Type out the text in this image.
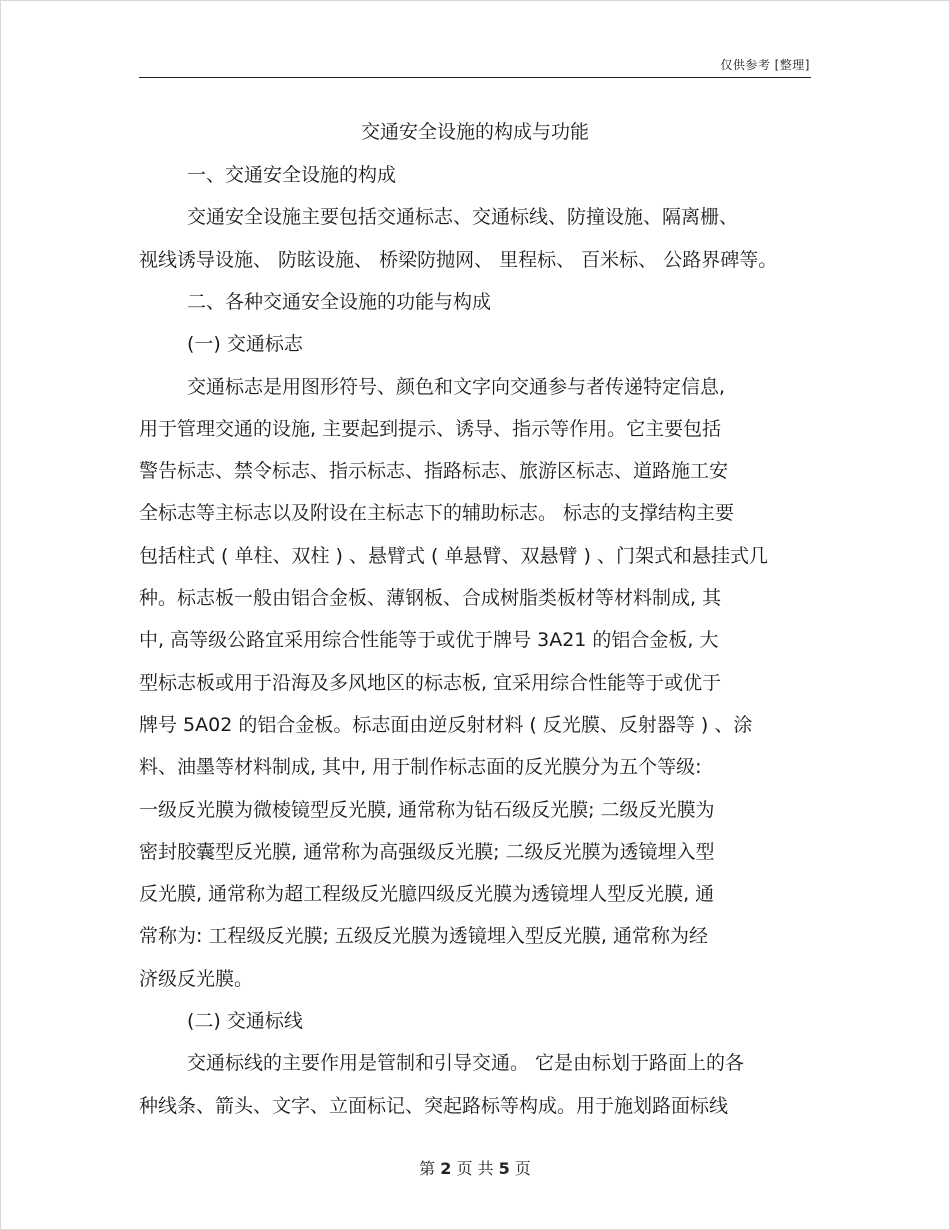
仅供参考 [整理]
交通安全设施的构成与功能
一、交通安全设施的构成
交通安全设施主要包括交通标志、交通标线、防撞设施、隔离栅、
视线诱导设施、 防眩设施、 桥梁防抛网、 里程标、 百米标、 公路界碑等。
二、各种交通安全设施的功能与构成
(一) 交通标志
交通标志是用图形符号、颜色和文字向交通参与者传递特定信息,
用于管理交通的设施, 主要起到提示、诱导、指示等作用。它主要包括
警告标志、禁令标志、指示标志、指路标志、旅游区标志、道路施工安
全标志等主标志以及附设在主标志下的辅助标志。 标志的支撑结构主要
包括柱式 ( 单柱、双柱 ) 、悬臂式 ( 单悬臂、双悬臂 ) 、门架式和悬挂式几
种。标志板一般由铝合金板、薄钢板、合成树脂类板材等材料制成, 其
中, 高等级公路宜采用综合性能等于或优于牌号 3A21 的铝合金板, 大
型标志板或用于沿海及多风地区的标志板, 宜采用综合性能等于或优于
牌号 5A02 的铝合金板。标志面由逆反射材料 ( 反光膜、反射器等 ) 、涂
料、油墨等材料制成, 其中, 用于制作标志面的反光膜分为五个等级:
一级反光膜为微棱镜型反光膜, 通常称为钻石级反光膜; 二级反光膜为
密封胶囊型反光膜, 通常称为高强级反光膜; 二级反光膜为透镜埋入型
反光膜, 通常称为超工程级反光臆四级反光膜为透镜埋人型反光膜, 通
常称为: 工程级反光膜; 五级反光膜为透镜埋入型反光膜, 通常称为经
济级反光膜。
(二) 交通标线
交通标线的主要作用是管制和引导交通。 它是由标划于路面上的各
种线条、箭头、文字、立面标记、突起路标等构成。用于施划路面标线
第 2 页 共 5 页
